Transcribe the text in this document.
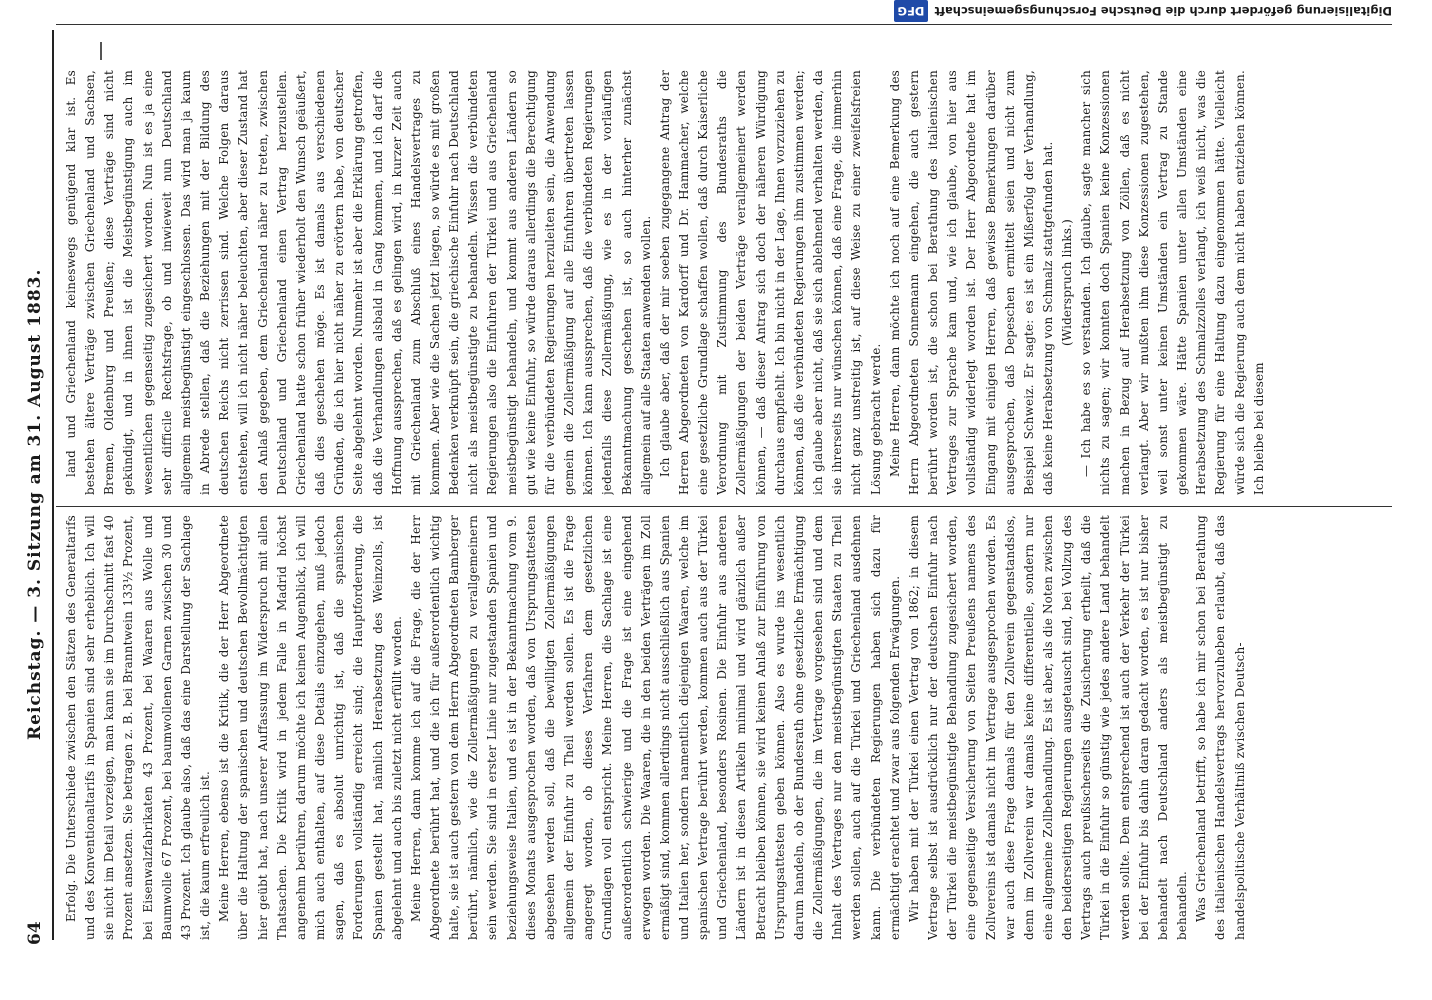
64
Reichstag. — 3. Sitzung am 31. August 1883.	Erfolg. Die Unterschiede zwischen den Sätzen des Generaltarifs und des Konventionaltarifs in Spanien sind sehr erheblich. Ich will sie nicht im Detail vorzeigen, man kann sie im Durchschnitt fast 40 Prozent ansetzen. Sie betragen z. B. bei Branntwein 133½ Prozent, bei Eisenwalzfabrikaten 43 Prozent, bei Waaren aus Wolle und Baumwolle 67 Prozent, bei baumwollenen Garnen zwischen 30 und 43 Prozent. Ich glaube also, daß das eine Darstellung der Sachlage ist, die kaum erfreulich ist. Meine Herren, ebenso ist die Kritik, die der Herr Abgeordnete über die Haltung der spanischen und deutschen Bevollmächtigten hier geübt hat, nach unserer Auffassung im Widerspruch mit allen Thatsachen. Die Kritik wird in jedem Falle in Madrid höchst angenehm berühren, darum möchte ich keinen Augenblick, ich will mich auch enthalten, auf diese Details einzugehen, muß jedoch sagen, daß es absolut unrichtig ist, daß die spanischen Forderungen vollständig erreicht sind; die Hauptforderung, die Spanien gestellt hat, nämlich Herabsetzung des Weinzolls, ist abgelehnt und auch bis zuletzt nicht erfüllt worden. Meine Herren, dann komme ich auf die Frage, die der Herr Abgeordnete berührt hat, und die ich für außerordentlich wichtig halte, sie ist auch gestern von dem Herrn Abgeordneten Bamberger berührt, nämlich, wie die Zollermäßigungen zu verallgemeinern sein werden. Sie sind in erster Linie nur zugestanden Spanien und beziehungsweise Italien, und es ist in der Bekanntmachung vom 9. dieses Monats ausgesprochen worden, daß von Ursprungsattesten abgesehen werden soll, daß die bewilligten Zollermäßigungen allgemein der Einfuhr zu Theil werden sollen. Es ist die Frage angeregt worden, ob dieses Verfahren dem gesetzlichen Grundlagen voll entspricht. Meine Herren, die Sachlage ist eine außerordentlich schwierige und die Frage ist eine eingehend erwogen worden. Die Waaren, die in den beiden Verträgen im Zoll ermäßigt sind, kommen allerdings nicht ausschließlich aus Spanien und Italien her, sondern namentlich diejenigen Waaren, welche im spanischen Vertrage berührt werden, kommen auch aus der Türkei und Griechenland, besonders Rosinen. Die Einfuhr aus anderen Ländern ist in diesen Artikeln minimal und wird gänzlich außer Betracht bleiben können, sie wird keinen Anlaß zur Einführung von Ursprungsattesten geben können. Also es wurde ins wesentlich darum handeln, ob der Bundesrath ohne gesetzliche Ermächtigung die Zollermäßigungen, die im Vertrage vorgesehen sind und dem Inhalt des Vertrages nur den meistbegünstigten Staaten zu Theil werden sollen, auch auf die Türkei und Griechenland ausdehnen kann. Die verbündeten Regierungen haben sich dazu für ermächtigt erachtet und zwar aus folgenden Erwägungen. Wir haben mit der Türkei einen Vertrag von 1862; in diesem Vertrage selbst ist ausdrücklich nur der deutschen Einfuhr nach der Türkei die meistbegünstigte Behandlung zugesichert worden, eine gegenseitige Versicherung von Seiten Preußens namens des Zollvereins ist damals nicht im Vertrage ausgesprochen worden. Es war auch diese Frage damals für den Zollverein gegenstandslos, denn im Zollverein war damals keine differentielle, sondern nur eine allgemeine Zollbehandlung. Es ist aber, als die Noten zwischen den beiderseitigen Regierungen ausgetauscht sind, bei Vollzug des Vertrags auch preußischerseits die Zusicherung ertheilt, daß die Türkei in die Einfuhr so günstig wie jedes andere Land behandelt werden sollte. Dem entsprechend ist auch der Verkehr der Türkei bei der Einfuhr bis dahin daran gedacht worden, es ist nur bisher behandelt nach Deutschland anders als meistbegünstigt zu behandeln. Was Griechenland betrifft, so habe ich mir schon bei Berathung des italienischen Handelsvertrags hervorzuheben erlaubt, daß das handelspolitische Verhältniß zwischen Deutsch-

land und Griechenland keineswegs genügend klar ist. Es bestehen ältere Verträge zwischen Griechenland und Sachsen, Bremen, Oldenburg und Preußen; diese Verträge sind nicht gekündigt, und in ihnen ist die Meistbegünstigung auch im wesentlichen gegenseitig zugesichert worden. Nun ist es ja eine sehr difficile Rechtsfrage, ob und inwieweit nun Deutschland allgemein meistbegünstigt eingeschlossen. Das wird man ja kaum in Abrede stellen, daß die Beziehungen mit der Bildung des deutschen Reichs nicht zerrissen sind. Welche Folgen daraus entstehen, will ich nicht näher beleuchten, aber dieser Zustand hat den Anlaß gegeben, dem Griechenland näher zu treten, zwischen Deutschland und Griechenland einen Vertrag herzustellen. Griechenland hatte schon früher wiederholt den Wunsch geäußert, daß dies geschehen möge. Es ist damals aus verschiedenen Gründen, die ich hier nicht näher zu erörtern habe, von deutscher Seite abgelehnt worden. Nunmehr ist aber die Erklärung getroffen, daß die Verhandlungen alsbald in Gang kommen, und ich darf die Hoffnung aussprechen, daß es gelingen wird, in kurzer Zeit auch mit Griechenland zum Abschluß eines Handelsvertrages zu kommen. Aber wie die Sachen jetzt liegen, so würde es mit großen Bedenken verknüpft sein, die griechische Einfuhr nach Deutschland nicht als meistbegünstigte zu behandeln. Wissen die verbündeten Regierungen also die Einfuhren der Türkei und aus Griechenland meistbegünstigt behandeln, und kommt aus anderen Ländern so gut wie keine Einfuhr, so würde daraus allerdings die Berechtigung für die verbündeten Regierungen herzuleiten sein, die Anwendung gemein die Zollermäßigung auf alle Einfuhren übertreten lassen können. Ich kann aussprechen, daß die verbündeten Regierungen jedenfalls diese Zollermäßigung, wie es in der vorläufigen Bekanntmachung geschehen ist, so auch hinterher zunächst allgemein auf alle Staaten anwenden wollen. Ich glaube aber, daß der mir soeben zugegangene Antrag der Herren Abgeordneten von Kardorff und Dr. Hammacher, welche eine gesetzliche Grundlage schaffen wollen, daß durch Kaiserliche Verordnung mit Zustimmung des Bundesraths die Zollermäßigungen der beiden Verträge verallgemeinert werden können, — daß dieser Antrag sich doch der näheren Würdigung durchaus empfiehlt. Ich bin nicht in der Lage, Ihnen vorzuziehen zu können, daß die verbündeten Regierungen ihm zustimmen werden; ich glaube aber nicht, daß sie sich ablehnend verhalten werden, da sie ihrerseits nur wünschen können, daß eine Frage, die immerhin nicht ganz unstreitig ist, auf diese Weise zu einer zweifelsfreien Lösung gebracht werde. Meine Herren, dann möchte ich noch auf eine Bemerkung des Herrn Abgeordneten Sonnemann eingehen, die auch gestern berührt worden ist, die schon bei Berathung des italienischen Vertrages zur Sprache kam und, wie ich glaube, von hier aus vollständig widerlegt worden ist. Der Herr Abgeordnete hat im Eingang mit einigen Herren, daß gewisse Bemerkungen darüber ausgesprochen, daß Depeschen ermittelt seien und nicht zum Beispiel Schweiz. Er sagte: es ist ein Mißerfolg der Verhandlung, daß keine Herabsetzung von Schmalz stattgefunden hat. (Widerspruch links.) — Ich habe es so verstanden. Ich glaube, sagte mancher sich nichts zu sagen; wir konnten doch Spanien keine Konzessionen machen in Bezug auf Herabsetzung von Zöllen, daß es nicht verlangt. Aber wir mußten ihm diese Konzessionen zugestehen, weil sonst unter keinen Umständen ein Vertrag zu Stande gekommen wäre. Hätte Spanien unter allen Umständen eine Herabsetzung des Schmalzzolles verlangt, ich weiß nicht, was die Regierung für eine Haltung dazu eingenommen hätte. Vielleicht würde sich die Regierung auch dem nicht haben entziehen können. Ich bleibe bei diesem

Digitalisierung gefördert durch die Deutsche Forschungsgemeinschaft DFG
